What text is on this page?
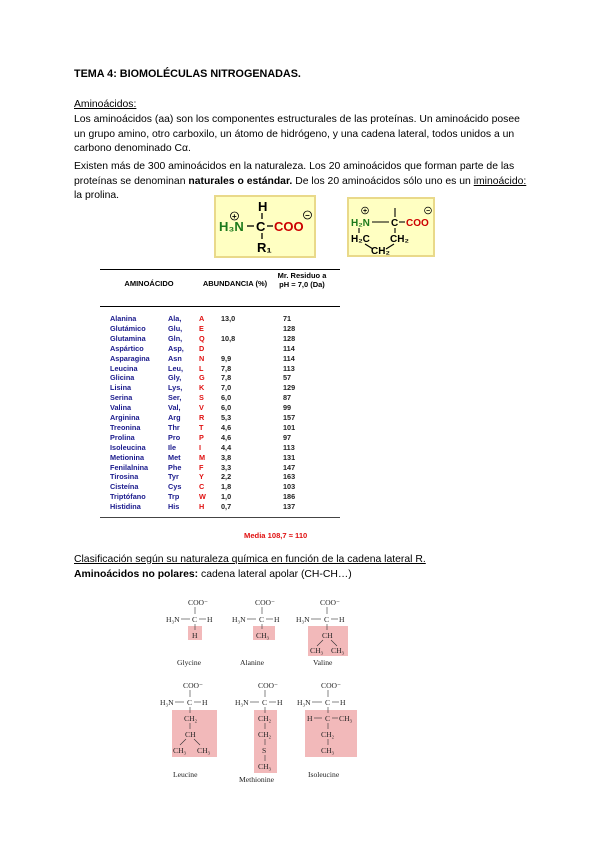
TEMA 4: BIOMOLÉCULAS NITROGENADAS.
Aminoácidos:
Los aminoácidos (aa) son los componentes estructurales de las proteínas. Un aminoácido posee un grupo amino, otro carboxilo, un átomo de hidrógeno, y una cadena lateral, todos unidos a un carbono denominado Cα.
Existen más de 300 aminoácidos en la naturaleza. Los 20 aminoácidos que forman parte de las proteínas se denominan naturales o estándar. De los 20 aminoácidos sólo uno es un iminoácido: la prolina.
H
H₃N
+
C COO
−
R₁
+
H₂N C COO
−
H₂C CH₂
CH₂
AMINOÁCIDO	ABUNDANCIA (%)
Mr. Residuo a pH = 7,0 (Da)
Alanina	Ala, A 13,0	71
Glutámico	Glu, E	128
Glutamina	Gln, Q 10,8	128
Aspártico	Asp, D	114
Asparagina	Asn N 9,9	114
Leucina	Leu, L 7,8	113
Glicina	Gly, G 7,8	57
Lisina	Lys, K 7,0	129
Serina	Ser, S 6,0	87
Valina	Val,	V 6,0	99
Arginina	Arg	R 5,3	157
Treonina	Thr	T 4,6	101
Prolina	Pro	P 4,6	97
Isoleucina	Ile	I	4,4	113
Metionina	Met	M 3,8	131
Fenilalnina	Phe F 3,3	147
Tirosina	Tyr	Y 2,2	163
Cisteína	Cys C 1,8	103
Triptófano	Trp	W 1,0	186
Histidina	His	H 0,7	137
Media 108,7 ≈ 110
Clasificación según su naturaleza química en función de la cadena lateral R.
Aminoácidos no polares: cadena lateral apolar (CH-CH…)
COO⁻
H₃N C H
H
Glycine
COO⁻
H₃N C H
CH₃
Alanine
COO⁻
H₃N C H
CH
CH₃ CH₃
Valine
COO⁻
H₃N C H
CH₂
CH
CH₃ CH₃
Leucine
COO⁻
H₃N C H
CH₂
CH₂
S
CH₃
Methionine
COO⁻
H₃N C H
H C CH₃
CH₂
CH₃
Isoleucine
